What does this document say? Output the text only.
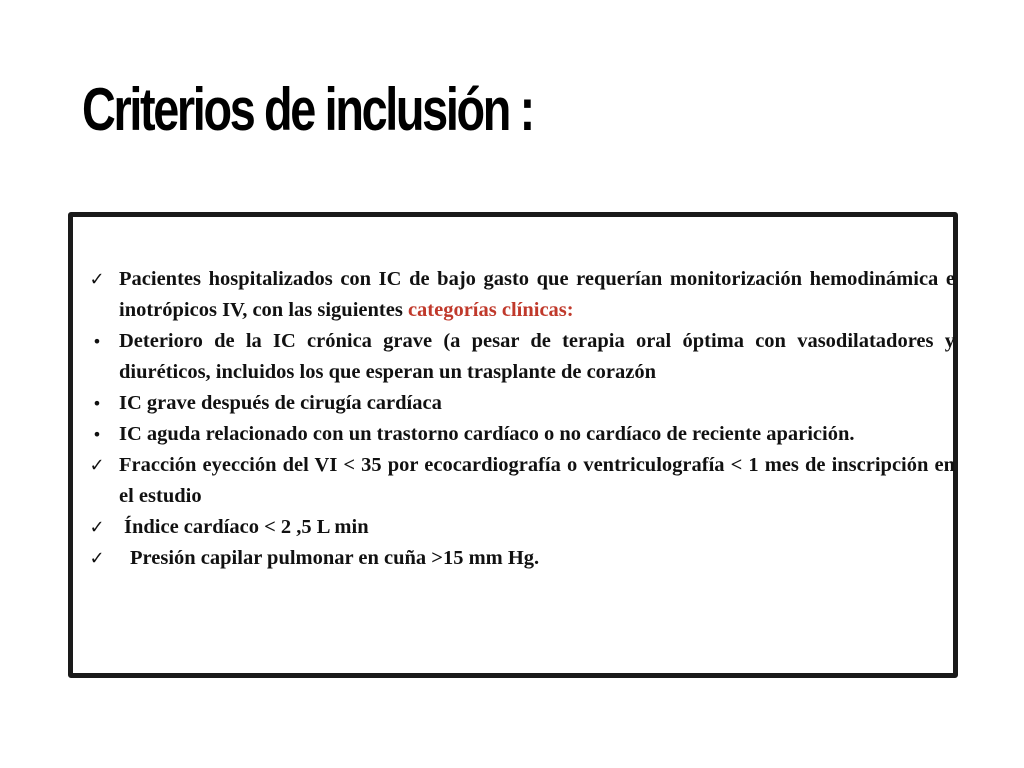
Criterios de inclusión :
✓ Pacientes hospitalizados con IC de bajo gasto que requerían monitorización hemodinámica e inotrópicos IV, con las siguientes categorías clínicas:
• Deterioro de la IC crónica grave (a pesar de terapia oral óptima con vasodilatadores y diuréticos, incluidos los que esperan un trasplante de corazón
• IC grave después de cirugía cardíaca
• IC aguda relacionado con un trastorno cardíaco o no cardíaco de reciente aparición.
✓ Fracción eyección del VI < 35 por ecocardiografía o ventriculografía < 1 mes de inscripción en el estudio
✓ Índice cardíaco < 2 ,5 L min
✓ Presión capilar pulmonar en cuña >15 mm Hg.
